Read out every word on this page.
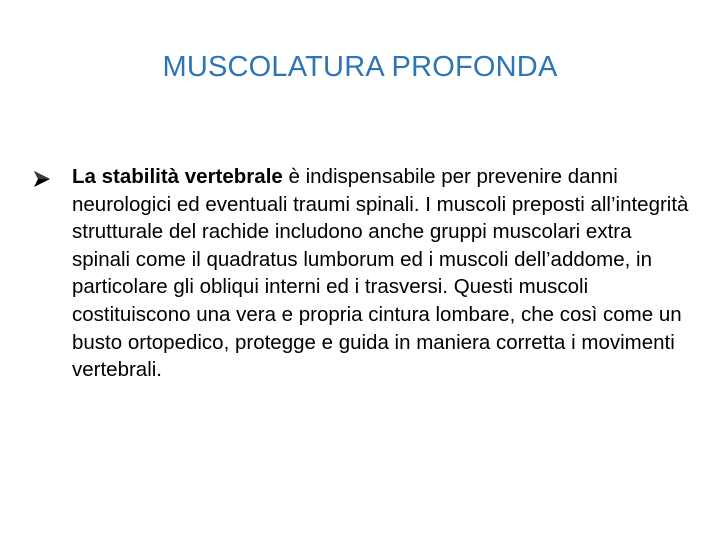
MUSCOLATURA PROFONDA
La stabilità vertebrale è indispensabile per prevenire danni neurologici ed eventuali traumi spinali. I muscoli preposti all’integrità strutturale del rachide includono anche gruppi muscolari extra spinali come il quadratus lumborum ed i muscoli dell’addome, in particolare gli obliqui interni ed i trasversi. Questi muscoli costituiscono una vera e propria cintura lombare, che così come un busto ortopedico, protegge e guida in maniera corretta i movimenti vertebrali.
